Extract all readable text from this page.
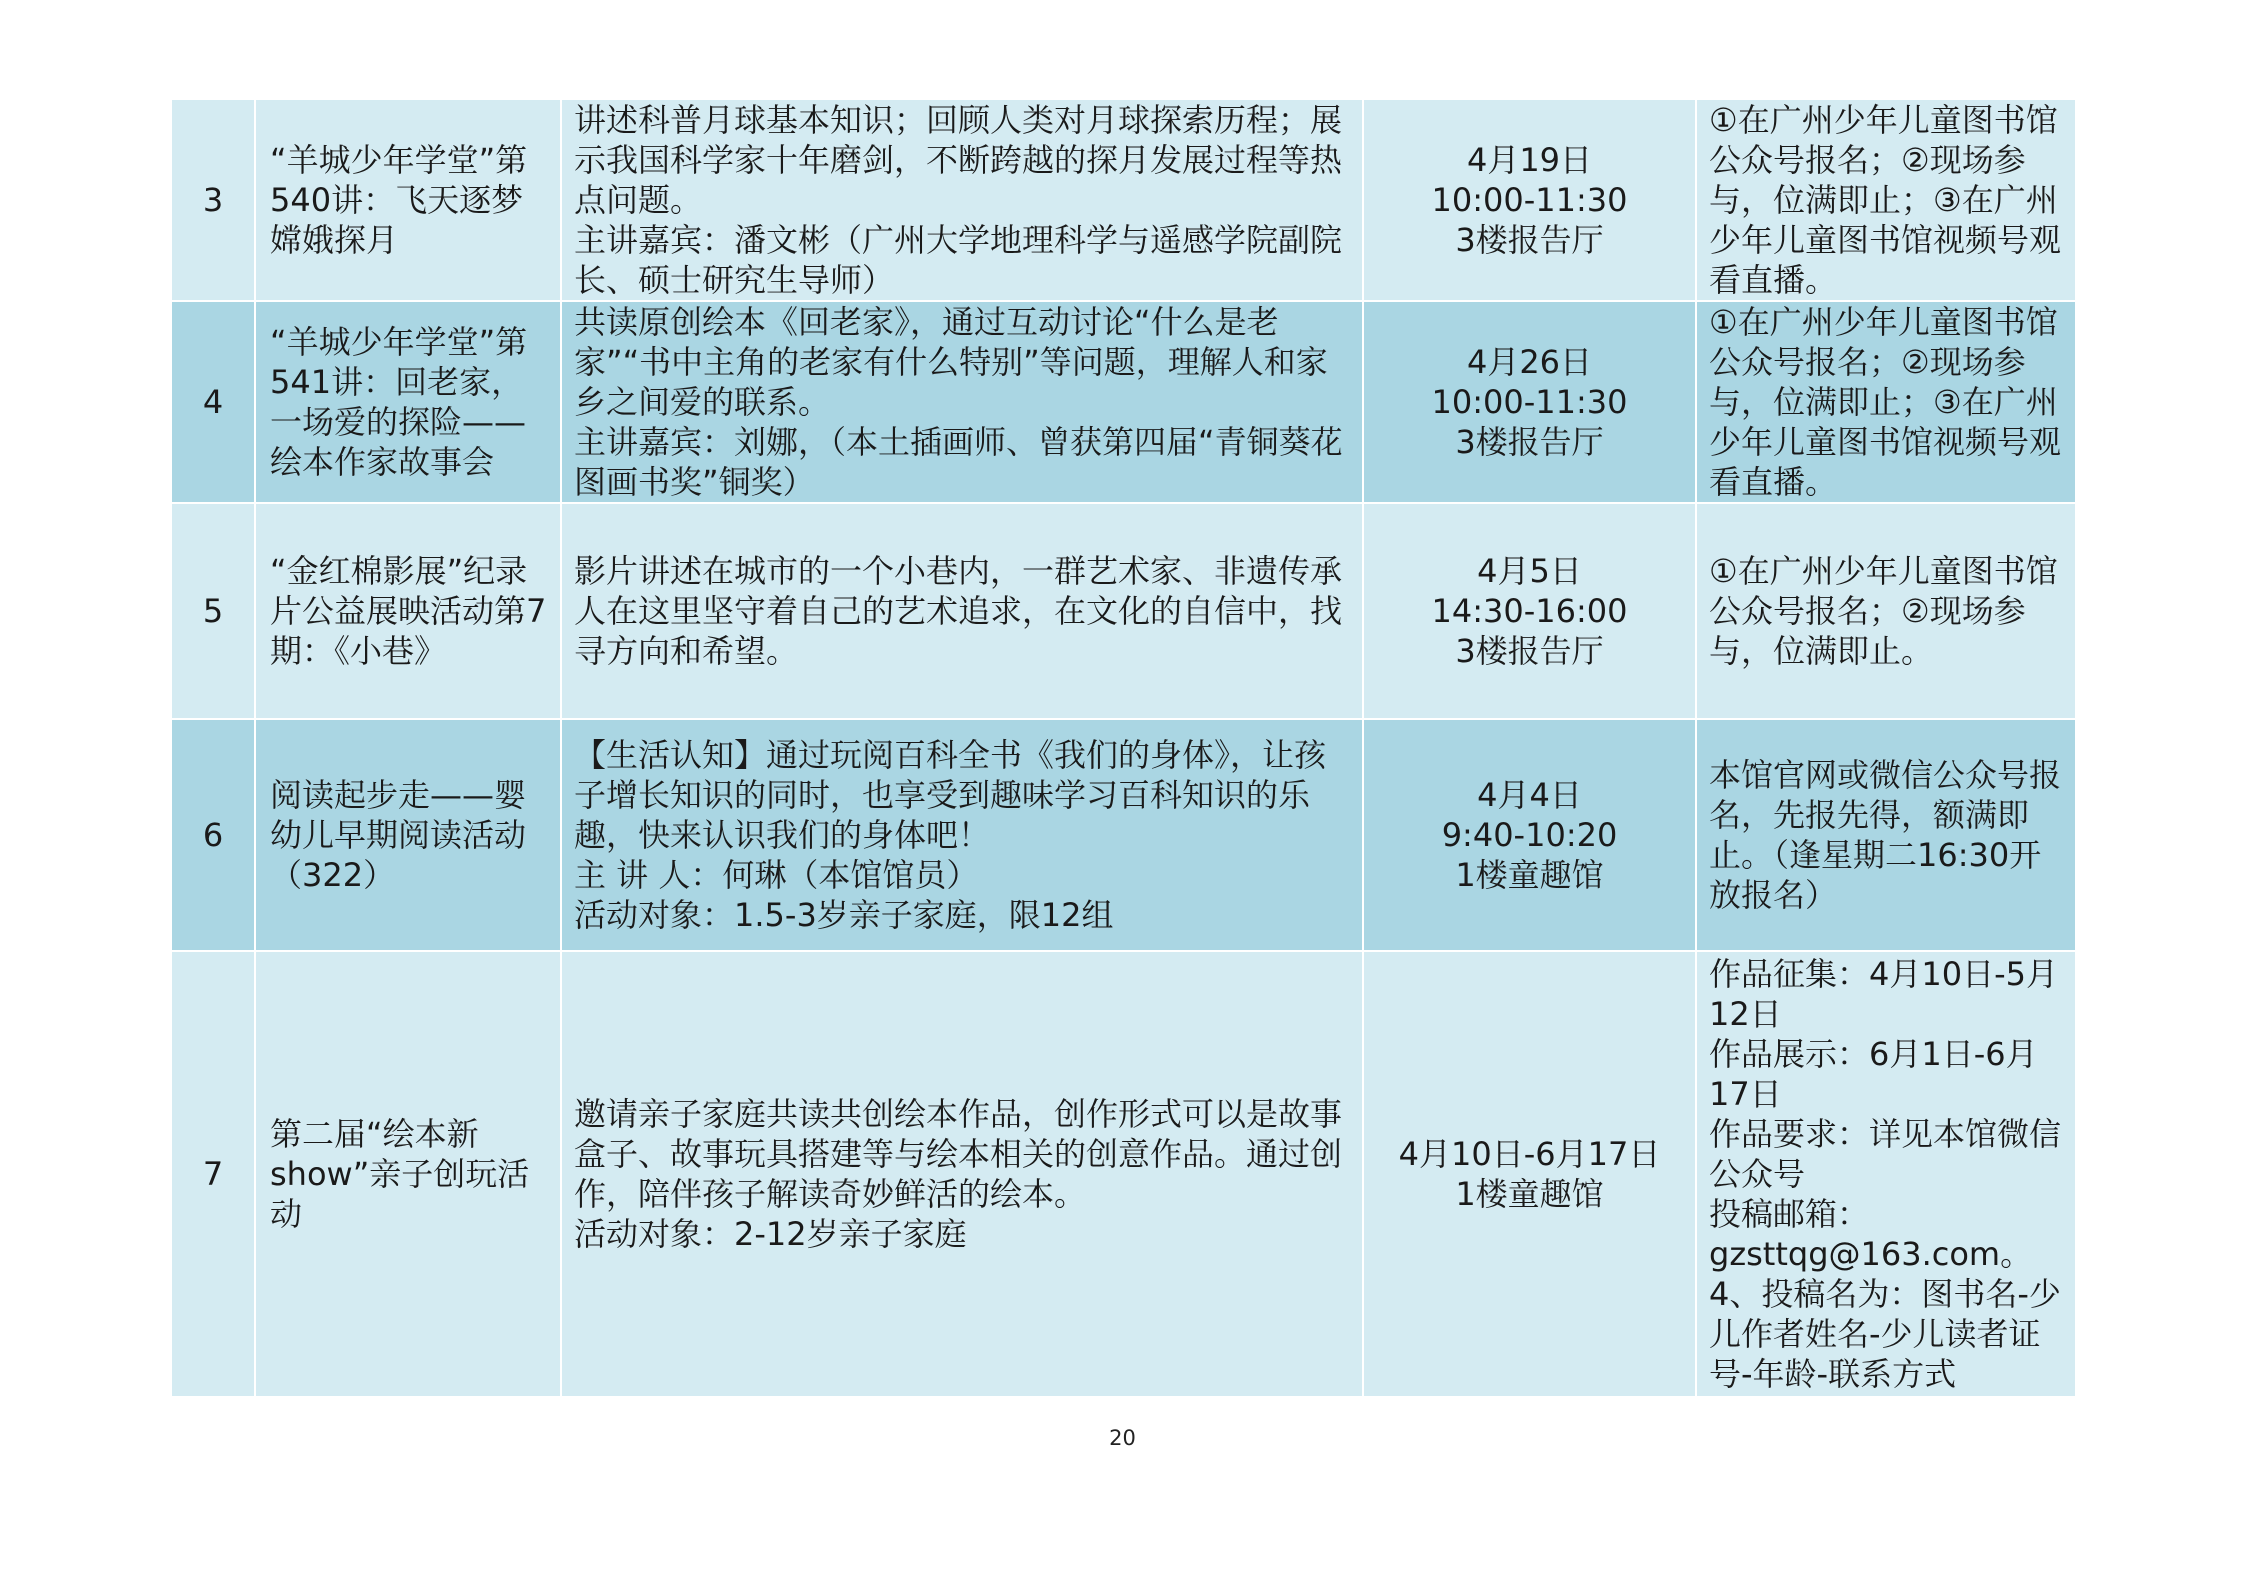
3	“羊城少年学堂”第540讲：飞天逐梦嫦娥探月	讲述科普月球基本知识；回顾人类对月球探索历程；展示我国科学家十年磨剑，不断跨越的探月发展过程等热点问题。
主讲嘉宾：潘文彬（广州大学地理科学与遥感学院副院长、硕士研究生导师）	4月19日
10:00-11:30
3楼报告厅	①在广州少年儿童图书馆公众号报名；②现场参与，位满即止；③在广州少年儿童图书馆视频号观看直播。

4	“羊城少年学堂”第541讲：回老家，一场爱的探险——绘本作家故事会	共读原创绘本《回老家》，通过互动讨论“什么是老家”“书中主角的老家有什么特别”等问题，理解人和家乡之间爱的联系。
主讲嘉宾：刘娜，（本土插画师、曾获第四届“青铜葵花图画书奖”铜奖）	4月26日
10:00-11:30
3楼报告厅	①在广州少年儿童图书馆公众号报名；②现场参与，位满即止；③在广州少年儿童图书馆视频号观看直播。

5	“金红棉影展”纪录片公益展映活动第7期：《小巷》	影片讲述在城市的一个小巷内，一群艺术家、非遗传承人在这里坚守着自己的艺术追求，在文化的自信中，找寻方向和希望。	4月5日
14:30-16:00
3楼报告厅	①在广州少年儿童图书馆公众号报名；②现场参与，位满即止。

6	阅读起步走——婴幼儿早期阅读活动（322）	【生活认知】通过玩阅百科全书《我们的身体》，让孩子增长知识的同时，也享受到趣味学习百科知识的乐趣，快来认识我们的身体吧！
主 讲 人：何琳（本馆馆员）
活动对象：1.5-3岁亲子家庭，限12组	4月4日
9:40-10:20
1楼童趣馆	本馆官网或微信公众号报名，先报先得，额满即止。（逢星期二16:30开放报名）

7	第二届“绘本新show”亲子创玩活动	邀请亲子家庭共读共创绘本作品，创作形式可以是故事盒子、故事玩具搭建等与绘本相关的创意作品。通过创作，陪伴孩子解读奇妙鲜活的绘本。
活动对象：2-12岁亲子家庭	4月10日-6月17日
1楼童趣馆	作品征集：4月10日-5月12日
作品展示：6月1日-6月17日
作品要求：详见本馆微信公众号
投稿邮箱：gzsttqg@163.com。
4、投稿名为：图书名-少儿作者姓名-少儿读者证号-年龄-联系方式
20
